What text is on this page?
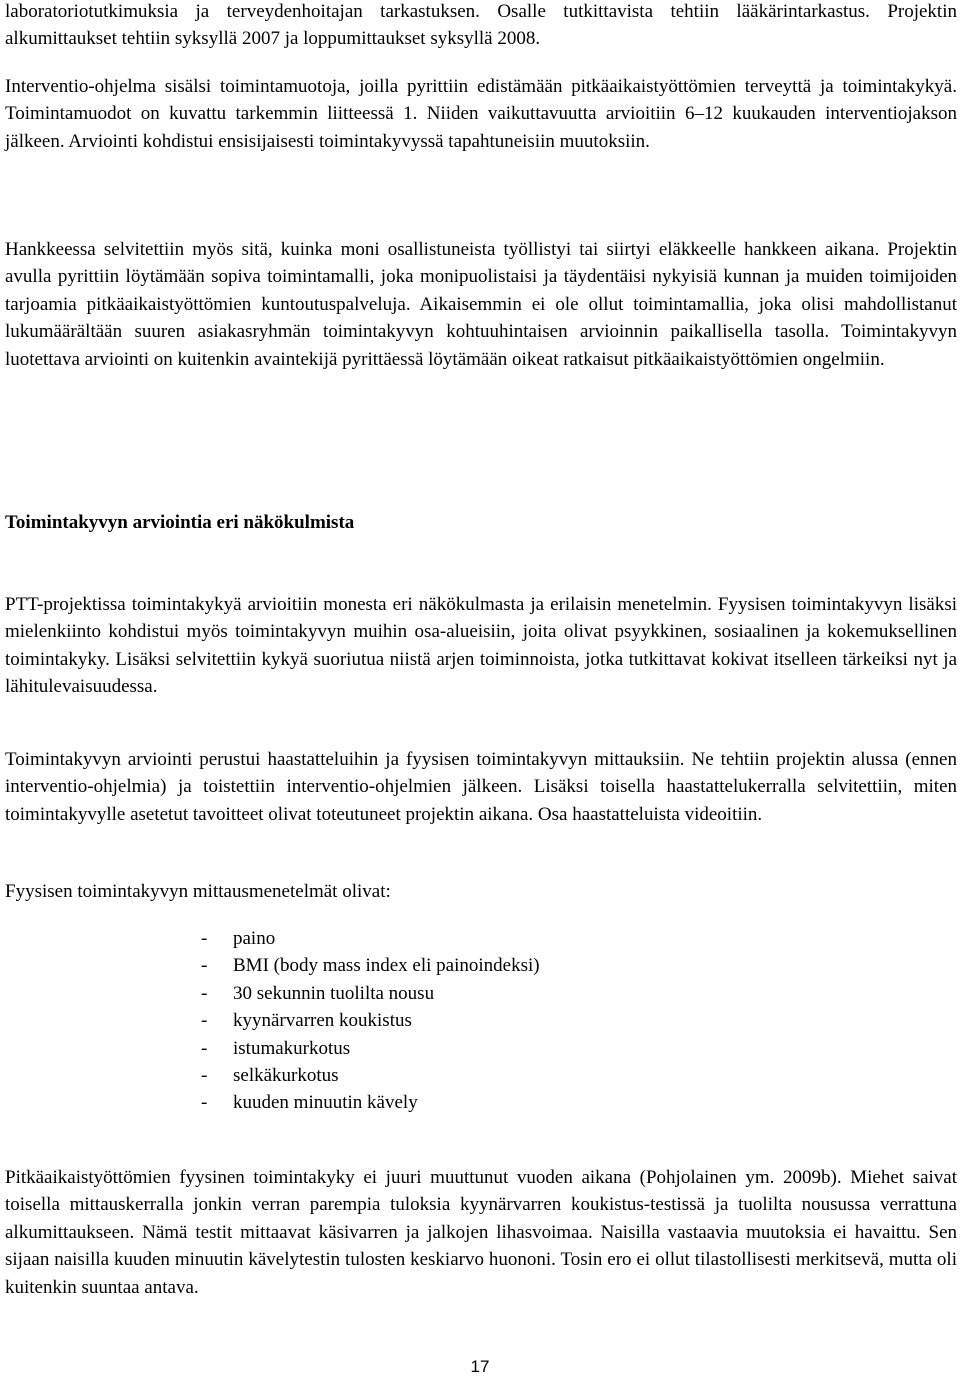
laboratoriotutkimuksia ja terveydenhoitajan tarkastuksen. Osalle tutkittavista tehtiin lääkärintarkastus. Projektin alkumittaukset tehtiin syksyllä 2007 ja loppumittaukset syksyllä 2008.

Interventio-ohjelma sisälsi toimintamuotoja, joilla pyrittiin edistämään pitkäaikaistyöttömien terveyttä ja toimintakykyä. Toimintamuodot on kuvattu tarkemmin liitteessä 1. Niiden vaikuttavuutta arvioitiin 6–12 kuukauden interventiojakson jälkeen. Arviointi kohdistui ensisijaisesti toimintakyvyssä tapahtuneisiin muutoksiin.

Hankkeessa selvitettiin myös sitä, kuinka moni osallistuneista työllistyi tai siirtyi eläkkeelle hankkeen aikana. Projektin avulla pyrittiin löytämään sopiva toimintamalli, joka monipuolistaisi ja täydentäisi nykyisiä kunnan ja muiden toimijoiden tarjoamia pitkäaikaistyöttömien kuntoutuspalveluja. Aikaisemmin ei ole ollut toimintamallia, joka olisi mahdollistanut lukumäärältään suuren asiakasryhmän toimintakyvyn kohtuuhintaisen arvioinnin paikallisella tasolla. Toimintakyvyn luotettava arviointi on kuitenkin avaintekijä pyrittäessä löytämään oikeat ratkaisut pitkäaikaistyöttömien ongelmiin.

Toimintakyvyn arviointia eri näkökulmista

PTT-projektissa toimintakykyä arvioitiin monesta eri näkökulmasta ja erilaisin menetelmin. Fyysisen toimintakyvyn lisäksi mielenkiinto kohdistui myös toimintakyvyn muihin osa-alueisiin, joita olivat psyykkinen, sosiaalinen ja kokemuksellinen toimintakyky. Lisäksi selvitettiin kykyä suoriutua niistä arjen toiminnoista, jotka tutkittavat kokivat itselleen tärkeiksi nyt ja lähitulevaisuudessa.

Toimintakyvyn arviointi perustui haastatteluihin ja fyysisen toimintakyvyn mittauksiin. Ne tehtiin projektin alussa (ennen interventio-ohjelmia) ja toistettiin interventio-ohjelmien jälkeen. Lisäksi toisella haastattelukerralla selvitettiin, miten toimintakyvylle asetetut tavoitteet olivat toteutuneet projektin aikana. Osa haastatteluista videoitiin.

Fyysisen toimintakyvyn mittausmenetelmät olivat:

- paino
- BMI (body mass index eli painoindeksi)
- 30 sekunnin tuolilta nousu
- kyynärvarren koukistus
- istumakurkotus
- selkäkurkotus
- kuuden minuutin kävely

Pitkäaikaistyöttömien fyysinen toimintakyky ei juuri muuttunut vuoden aikana (Pohjolainen ym. 2009b). Miehet saivat toisella mittauskerralla jonkin verran parempia tuloksia kyynärvarren koukistus-testissä ja tuolilta nousussa verrattuna alkumittaukseen. Nämä testit mittaavat käsivarren ja jalkojen lihasvoimaa. Naisilla vastaavia muutoksia ei havaittu. Sen sijaan naisilla kuuden minuutin kävelytestin tulosten keskiarvo huononi. Tosin ero ei ollut tilastollisesti merkitsevä, mutta oli kuitenkin suuntaa antava.

17
